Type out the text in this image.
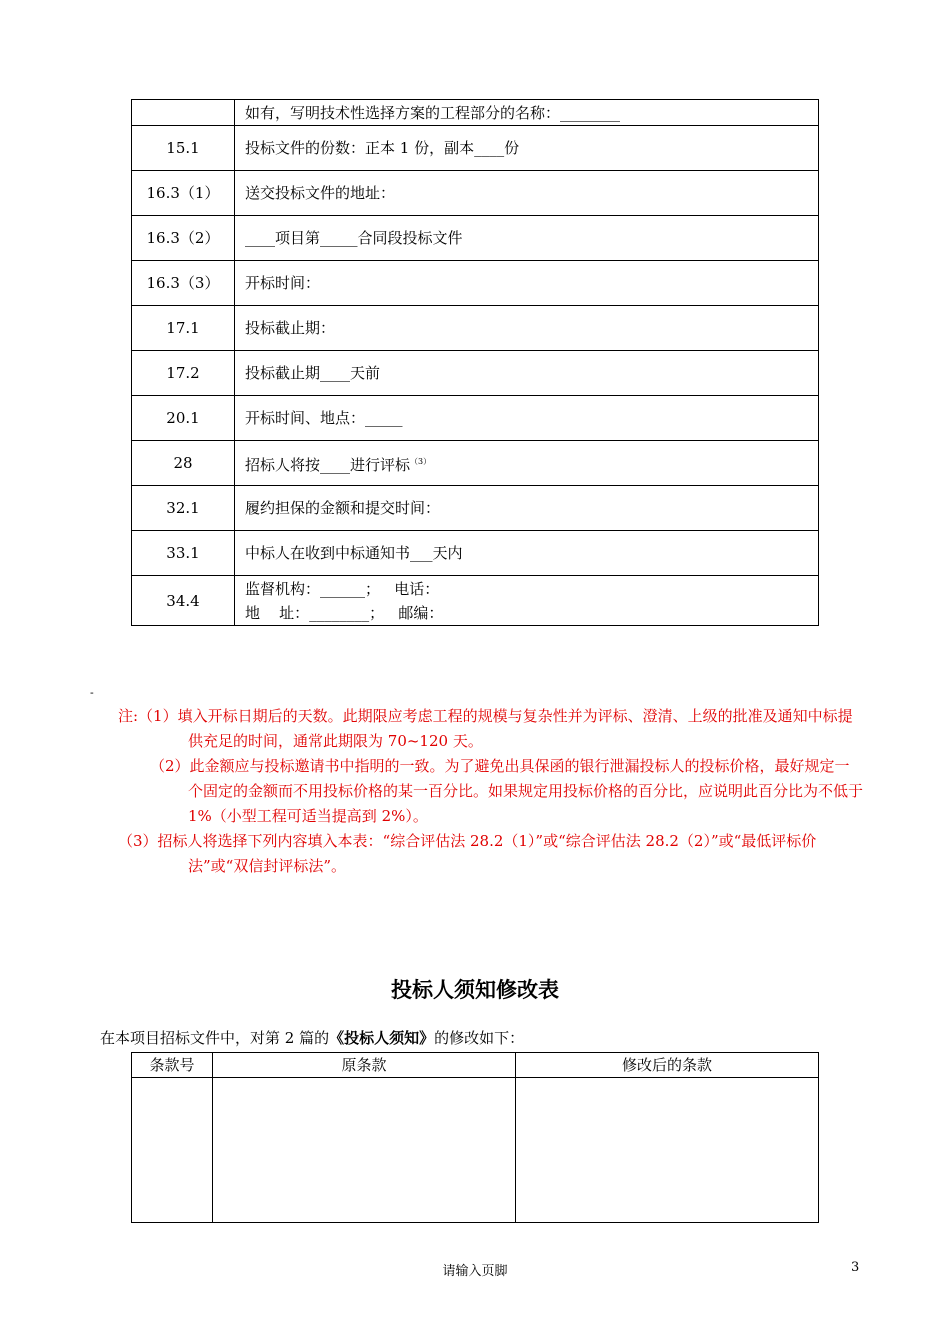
	如有，写明技术性选择方案的工程部分的名称：________
15.1	投标文件的份数：正本 1 份，副本____份
16.3（1）	送交投标文件的地址：
16.3（2）	____项目第_____合同段投标文件
16.3（3）	开标时间：
17.1	投标截止期：
17.2	投标截止期____天前
20.1	开标时间、地点：_____
28	招标人将按____进行评标$^{(3)}$
32.1	履约担保的金额和提交时间：
33.1	中标人在收到中标通知书___天内
34.4	监督机构：______；   电话：
地    址：________；   邮编：
-

注:（1）填入开标日期后的天数。此期限应考虑工程的规模与复杂性并为评标、澄清、上级的批准及通知中标提供充足的时间，通常此期限为 70~120 天。

（2）此金额应与投标邀请书中指明的一致。为了避免出具保函的银行泄漏投标人的投标价格，最好规定一个固定的金额而不用投标价格的某一百分比。如果规定用投标价格的百分比，应说明此百分比为不低于 1%（小型工程可适当提高到 2%）。

（3）招标人将选择下列内容填入本表：“综合评估法 28.2（1）”或“综合评估法 28.2（2）”或“最低评标价法”或“双信封评标法”。

投标人须知修改表
在本项目招标文件中，对第 2 篇的《投标人须知》的修改如下：
条款号	原条款	修改后的条款

请输入页脚	3
